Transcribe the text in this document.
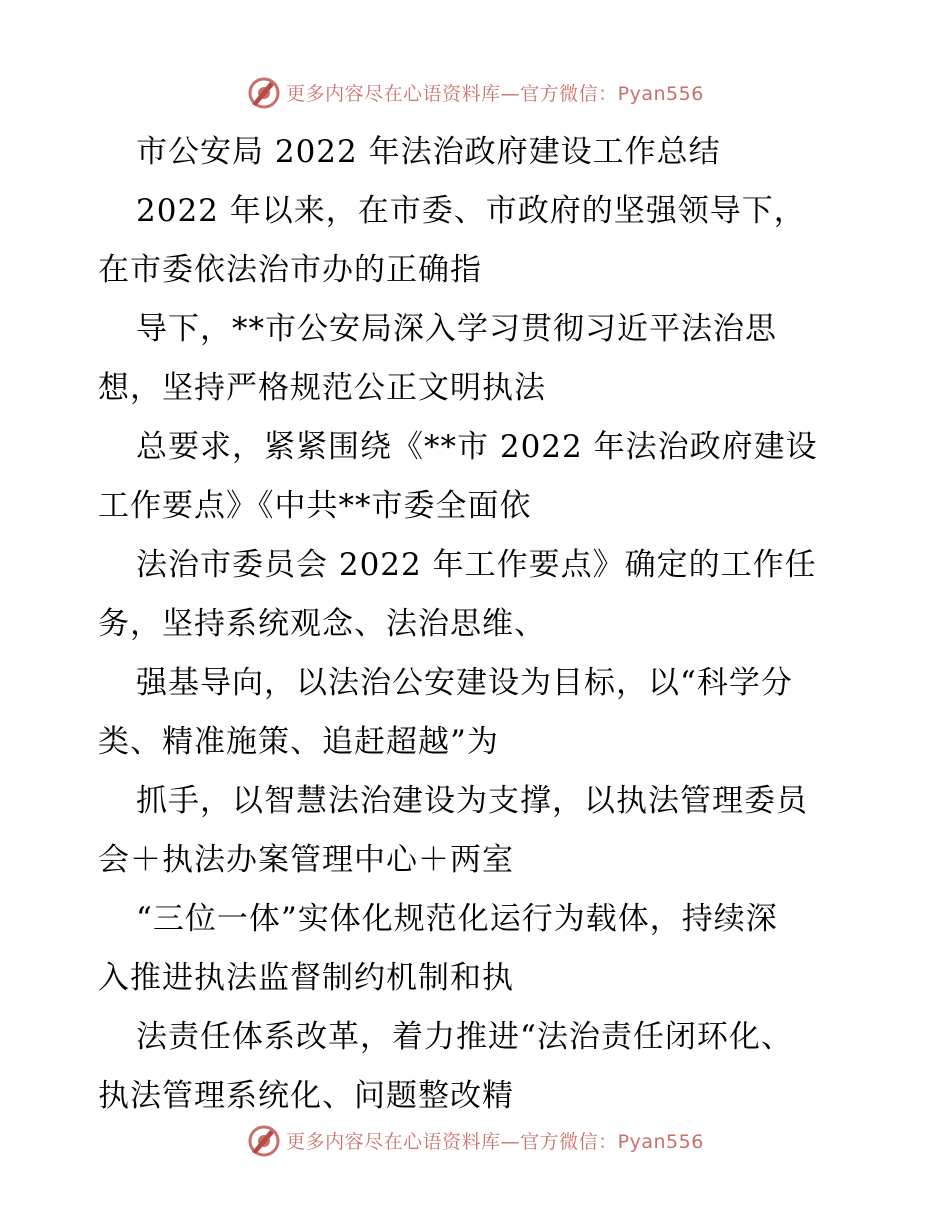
更多内容尽在心语资料库—官方微信：Pyan556
市公安局 2022 年法治政府建设工作总结
2022 年以来，在市委、市政府的坚强领导下，
在市委依法治市办的正确指
导下，**市公安局深入学习贯彻习近平法治思
想，坚持严格规范公正文明执法
总要求，紧紧围绕《**市 2022 年法治政府建设
工作要点》《中共**市委全面依
法治市委员会 2022 年工作要点》确定的工作任
务，坚持系统观念、法治思维、
强基导向，以法治公安建设为目标，以“科学分
类、精准施策、追赶超越”为
抓手，以智慧法治建设为支撑，以执法管理委员
会＋执法办案管理中心＋两室
“三位一体”实体化规范化运行为载体，持续深
入推进执法监督制约机制和执
法责任体系改革，着力推进“法治责任闭环化、
执法管理系统化、问题整改精
更多内容尽在心语资料库—官方微信：Pyan556
